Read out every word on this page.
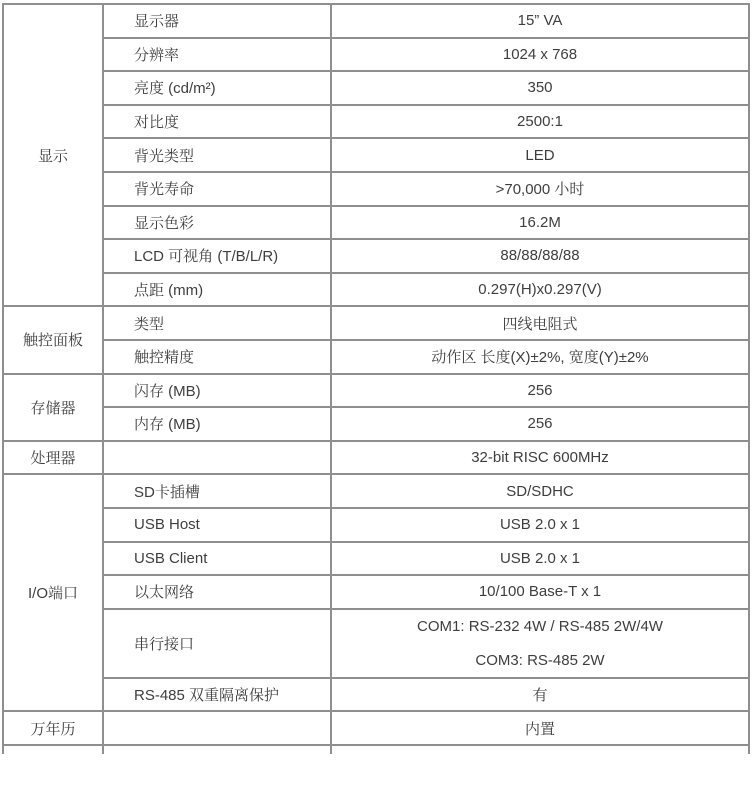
显示	显示器	15” VA
	分辨率	1024 x 768
	亮度 (cd/m²)	350
	对比度	2500:1
	背光类型	LED
	背光寿命	>70,000 小时
	显示色彩	16.2M
	LCD 可视角 (T/B/L/R)	88/88/88/88
	点距 (mm)	0.297(H)x0.297(V)
触控面板	类型	四线电阻式
	触控精度	动作区 长度(X)±2%, 宽度(Y)±2%
存储器	闪存 (MB)	256
	内存 (MB)	256
处理器		32-bit RISC 600MHz
I/O端口	SD卡插槽	SD/SDHC
	USB Host	USB 2.0 x 1
	USB Client	USB 2.0 x 1
	以太网络	10/100 Base-T x 1
	串行接口	COM1: RS-232 4W / RS-485 2W/4W
COM3: RS-485 2W

	RS-485 双重隔离保护	有
万年历		内置
